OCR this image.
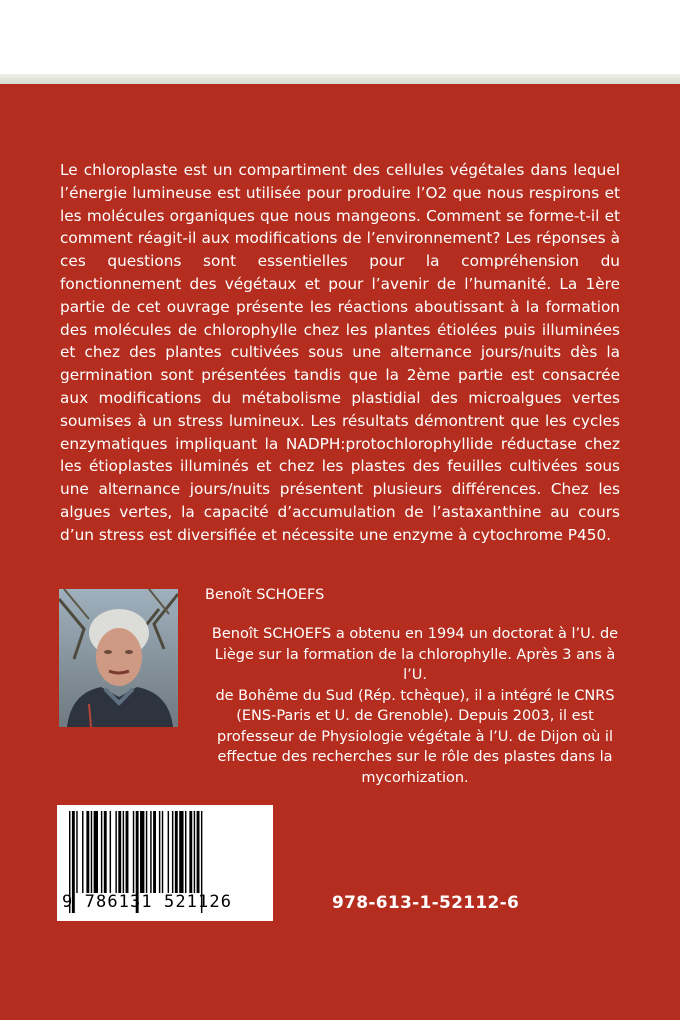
Le chloroplaste est un compartiment des cellules végétales dans lequel l’énergie lumineuse est utilisée pour produire l’O2 que nous respirons et les molécules organiques que nous mangeons. Comment se forme-t-il et comment réagit-il aux modifications de l’environnement? Les réponses à ces questions sont essentielles pour la compréhension du fonctionnement des végétaux et pour l’avenir de l’humanité. La 1ère partie de cet ouvrage présente les réactions aboutissant à la formation des molécules de chlorophylle chez les plantes étiolées puis illuminées et chez des plantes cultivées sous une alternance jours/nuits dès la germination sont présentées tandis que la 2ème partie est consacrée aux modifications du métabolisme plastidial des microalgues vertes soumises à un stress lumineux. Les résultats démontrent que les cycles enzymatiques impliquant la NADPH:protochlorophyllide réductase chez les étioplastes illuminés et chez les plastes des feuilles cultivées sous une alternance jours/nuits présentent plusieurs différences. Chez les algues vertes, la capacité d’accumulation de l’astaxanthine au cours d’un stress est diversifiée et nécessite une enzyme à cytochrome P450.
Benoît SCHOEFS
Benoît SCHOEFS a obtenu en 1994 un doctorat à l’U. de
Liège sur la formation de la chlorophylle. Après 3 ans à l’U.
de Bohême du Sud (Rép. tchèque), il a intégré le CNRS
(ENS-Paris et U. de Grenoble). Depuis 2003, il est
professeur de Physiologie végétale à l’U. de Dijon où il
effectue des recherches sur le rôle des plastes dans la
mycorhization.
9 786131 521126	978-613-1-52112-6
